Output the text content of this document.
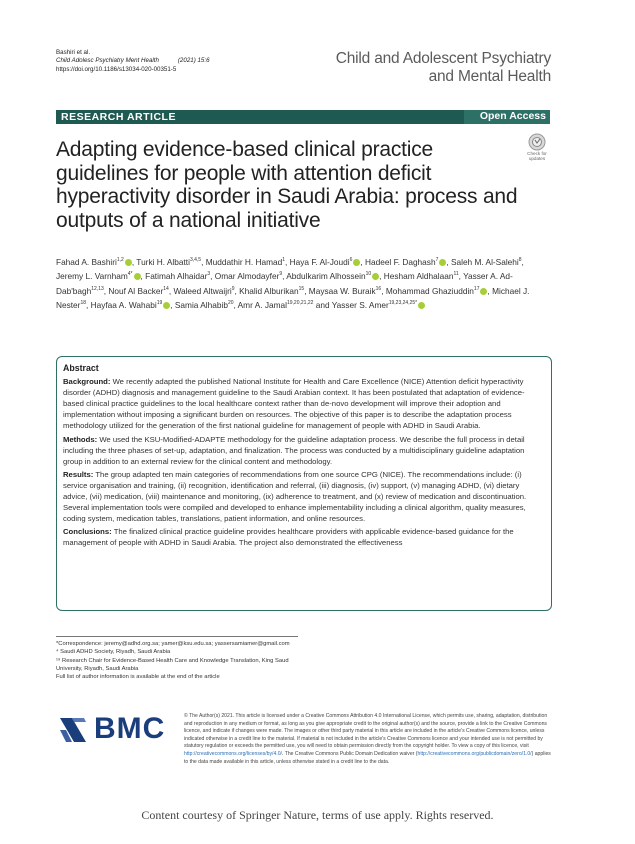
Bashiri et al.
Child Adolesc Psychiatry Ment Health	(2021) 15:6
https://doi.org/10.1186/s13034-020-00351-5
Child and Adolescent Psychiatry
and Mental Health
RESEARCH ARTICLE	Open Access
Check for updates
Adapting evidence-based clinical practice guidelines for people with attention deficit hyperactivity disorder in Saudi Arabia: process and outputs of a national initiative
Fahad A. Bashiri$^{1,2}$ , Turki H. Albatti$^{3,4,5}$, Muddathir H. Hamad$^1$, Haya F. Al-Joudi$^6$ , Hadeel F. Daghash$^7$ , Saleh M. Al-Salehi$^8$, Jeremy L. Varnham$^{4*}$ , Fatimah Alhaidar$^3$, Omar Almodayfer$^9$, Abdulkarim Alhossein$^{10}$ , Hesham Aldhalaan$^{11}$, Yasser A. Ad-Dab'bagh$^{12,13}$, Nouf Al Backer$^{14}$, Waleed Altwaijri$^9$, Khalid Alburikan$^{15}$, Maysaa W. Buraik$^{16}$, Mohammad Ghaziuddin$^{17}$ , Michael J. Nester$^{18}$, Hayfaa A. Wahabi$^{19}$ , Samia Alhabib$^{20}$, Amr A. Jamal$^{19,20,21,22}$ and Yasser S. Amer$^{19,23,24,25*}$
Abstract

Background: We recently adapted the published National Institute for Health and Care Excellence (NICE) Attention deficit hyperactivity disorder (ADHD) diagnosis and management guideline to the Saudi Arabian context. It has been postulated that adaptation of evidence-based clinical practice guidelines to the local healthcare context rather than de-novo development will improve their adoption and implementation without imposing a significant burden on resources. The objective of this paper is to describe the adaptation process methodology utilized for the generation of the first national guideline for management of people with ADHD in Saudi Arabia.

Methods: We used the KSU-Modified-ADAPTE methodology for the guideline adaptation process. We describe the full process in detail including the three phases of set-up, adaptation, and finalization. The process was conducted by a multidisciplinary guideline adaptation group in addition to an external review for the clinical content and methodology.

Results: The group adapted ten main categories of recommendations from one source CPG (NICE). The recommendations include: (i) service organisation and training, (ii) recognition, identification and referral, (iii) diagnosis, (iv) support, (v) managing ADHD, (vi) dietary advice, (vii) medication, (viii) maintenance and monitoring, (ix) adherence to treatment, and (x) review of medication and discontinuation. Several implementation tools were compiled and developed to enhance implementability including a clinical algorithm, quality measures, coding system, medication tables, translations, patient information, and online resources.

Conclusions: The finalized clinical practice guideline provides healthcare providers with applicable evidence-based guidance for the management of people with ADHD in Saudi Arabia. The project also demonstrated the effectiveness

*Correspondence: jeremy@adhd.org.sa; yamer@ksu.edu.sa; yassersamiamer@gmail.com
⁴ Saudi ADHD Society, Riyadh, Saudi Arabia
¹⁹ Research Chair for Evidence-Based Health Care and Knowledge Translation, King Saud University, Riyadh, Saudi Arabia
Full list of author information is available at the end of the article
BMC	© The Author(s) 2021. This article is licensed under a Creative Commons Attribution 4.0 International License, which permits use, sharing, adaptation, distribution and reproduction in any medium or format, as long as you give appropriate credit to the original author(s) and the source, provide a link to the Creative Commons licence, and indicate if changes were made. The images or other third party material in this article are included in the article's Creative Commons licence, unless indicated otherwise in a credit line to the material. If material is not included in the article's Creative Commons licence and your intended use is not permitted by statutory regulation or exceeds the permitted use, you will need to obtain permission directly from the copyright holder. To view a copy of this licence, visit http://creativecommons.org/licenses/by/4.0/. The Creative Commons Public Domain Dedication waiver (http://creativecommons.org/publicdomain/zero/1.0/) applies to the data made available in this article, unless otherwise stated in a credit line to the data.
Content courtesy of Springer Nature, terms of use apply. Rights reserved.
